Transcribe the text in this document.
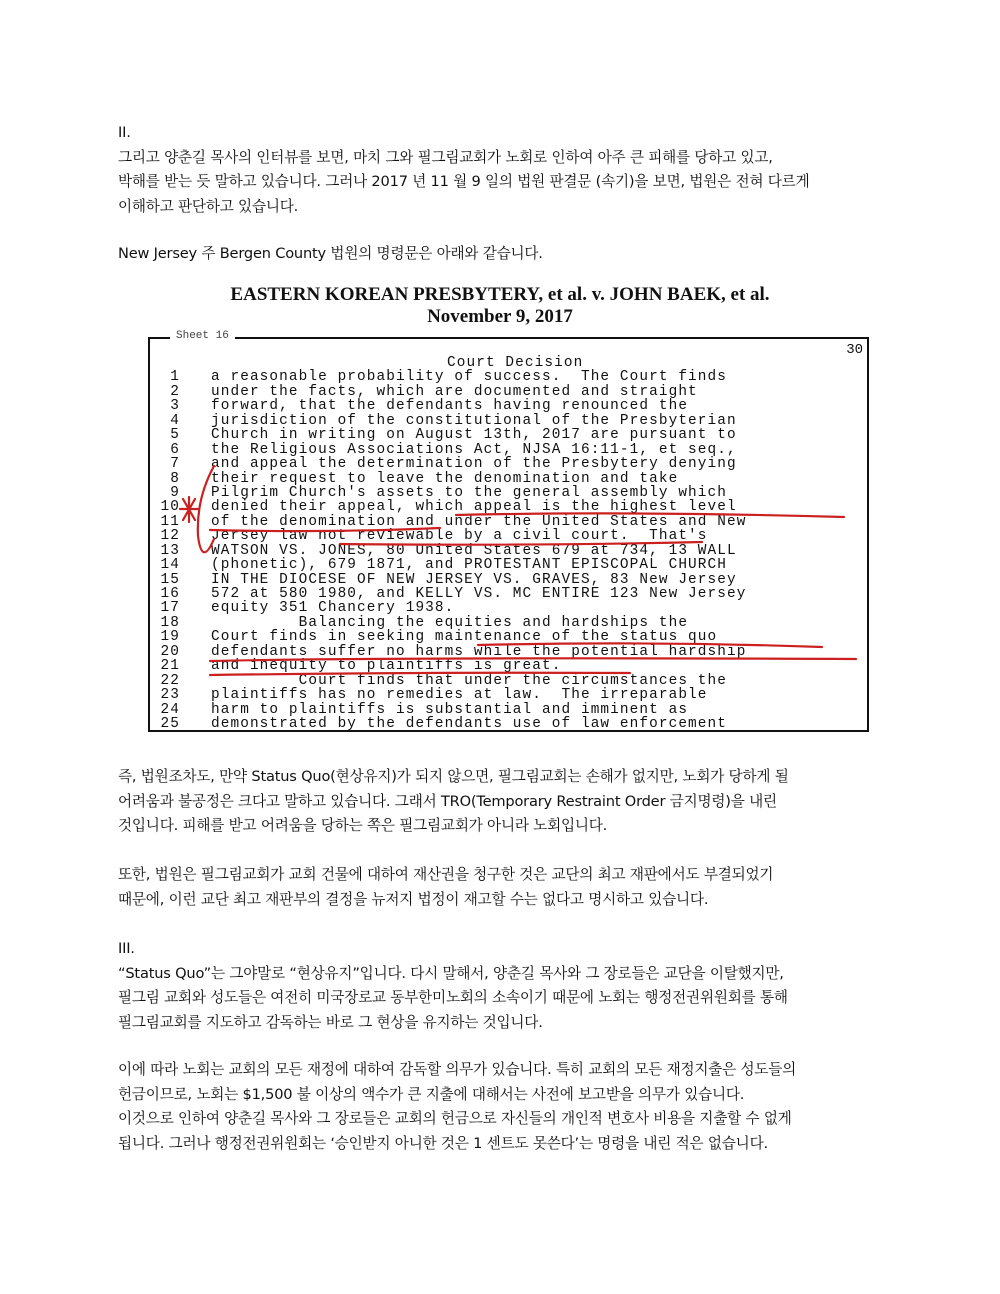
II.
그리고 양춘길 목사의 인터뷰를 보면, 마치 그와 필그림교회가 노회로 인하여 아주 큰 피해를 당하고 있고,
박해를 받는 듯 말하고 있습니다. 그러나 2017 년 11 월 9 일의 법원 판결문 (속기)을 보면, 법원은 전혀 다르게
이해하고 판단하고 있습니다.
New Jersey 주 Bergen County 법원의 명령문은 아래와 같습니다.
EASTERN KOREAN PRESBYTERY, et al. v. JOHN BAEK, et al.
November 9, 2017
Sheet 16
30
Court Decision
1 a reasonable probability of success.  The Court finds
2 under the facts, which are documented and straight
3 forward, that the defendants having renounced the
4 jurisdiction of the constitutional of the Presbyterian
5 Church in writing on August 13th, 2017 are pursuant to
6 the Religious Associations Act, NJSA 16:11-1, et seq.,
7 and appeal the determination of the Presbytery denying
8 their request to leave the denomination and take
9 Pilgrim Church's assets to the general assembly which
10 denied their appeal, which appeal is the highest level
11 of the denomination and under the United States and New
12 Jersey law not reviewable by a civil court.  That's
13 WATSON VS. JONES, 80 United States 679 at 734, 13 WALL
14 (phonetic), 679 1871, and PROTESTANT EPISCOPAL CHURCH
15 IN THE DIOCESE OF NEW JERSEY VS. GRAVES, 83 New Jersey
16 572 at 580 1980, and KELLY VS. MC ENTIRE 123 New Jersey
17 equity 351 Chancery 1938.
18         Balancing the equities and hardships the
19 Court finds in seeking maintenance of the status quo
20 defendants suffer no harms while the potential hardship
21 and inequity to plaintiffs is great.
22         Court finds that under the circumstances the
23 plaintiffs has no remedies at law.  The irreparable
24 harm to plaintiffs is substantial and imminent as
25 demonstrated by the defendants use of law enforcement
즉, 법원조차도, 만약 Status Quo(현상유지)가 되지 않으면, 필그림교회는 손해가 없지만, 노회가 당하게 될
어려움과 불공정은 크다고 말하고 있습니다. 그래서 TRO(Temporary Restraint Order 금지명령)을 내린
것입니다. 피해를 받고 어려움을 당하는 쪽은 필그림교회가 아니라 노회입니다.
또한, 법원은 필그림교회가 교회 건물에 대하여 재산권을 청구한 것은 교단의 최고 재판에서도 부결되었기
때문에, 이런 교단 최고 재판부의 결정을 뉴저지 법정이 재고할 수는 없다고 명시하고 있습니다.
III.
“Status Quo”는 그야말로 “현상유지”입니다. 다시 말해서, 양춘길 목사와 그 장로들은 교단을 이탈했지만,
필그림 교회와 성도들은 여전히 미국장로교 동부한미노회의 소속이기 때문에 노회는 행정전권위원회를 통해
필그림교회를 지도하고 감독하는 바로 그 현상을 유지하는 것입니다.
이에 따라 노회는 교회의 모든 재정에 대하여 감독할 의무가 있습니다. 특히 교회의 모든 재정지출은 성도들의
헌금이므로, 노회는 $1,500 불 이상의 액수가 큰 지출에 대해서는 사전에 보고받을 의무가 있습니다.
이것으로 인하여 양춘길 목사와 그 장로들은 교회의 헌금으로 자신들의 개인적 변호사 비용을 지출할 수 없게
됩니다. 그러나 행정전권위원회는 ‘승인받지 아니한 것은 1 센트도 못쓴다’는 명령을 내린 적은 없습니다.
